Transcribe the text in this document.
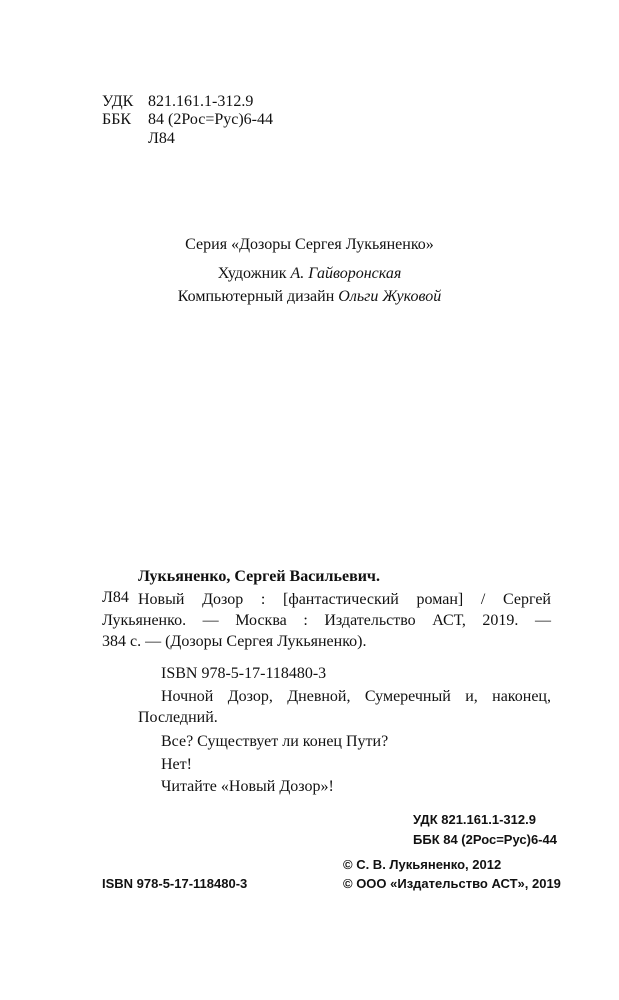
УДК 821.161.1-312.9
ББК 84 (2Рос=Рус)6-44
Л84
Серия «Дозоры Сергея Лукьяненко»
Художник А. Гайворонская
Компьютерный дизайн Ольги Жуковой
Лукьяненко, Сергей Васильевич.
Л84 Новый Дозор : [фантастический роман] / Сергей
Лукьяненко. — Москва : Издательство АСТ, 2019. —
384 с. — (Дозоры Сергея Лукьяненко).
ISBN 978-5-17-118480-3
Ночной Дозор, Дневной, Сумеречный и, наконец,
Последний.
Все? Существует ли конец Пути?
Нет!
Читайте «Новый Дозор»!
УДК 821.161.1-312.9
ББК 84 (2Рос=Рус)6-44
ISBN 978-5-17-118480-3
© С. В. Лукьяненко, 2012
© ООО «Издательство АСТ», 2019
